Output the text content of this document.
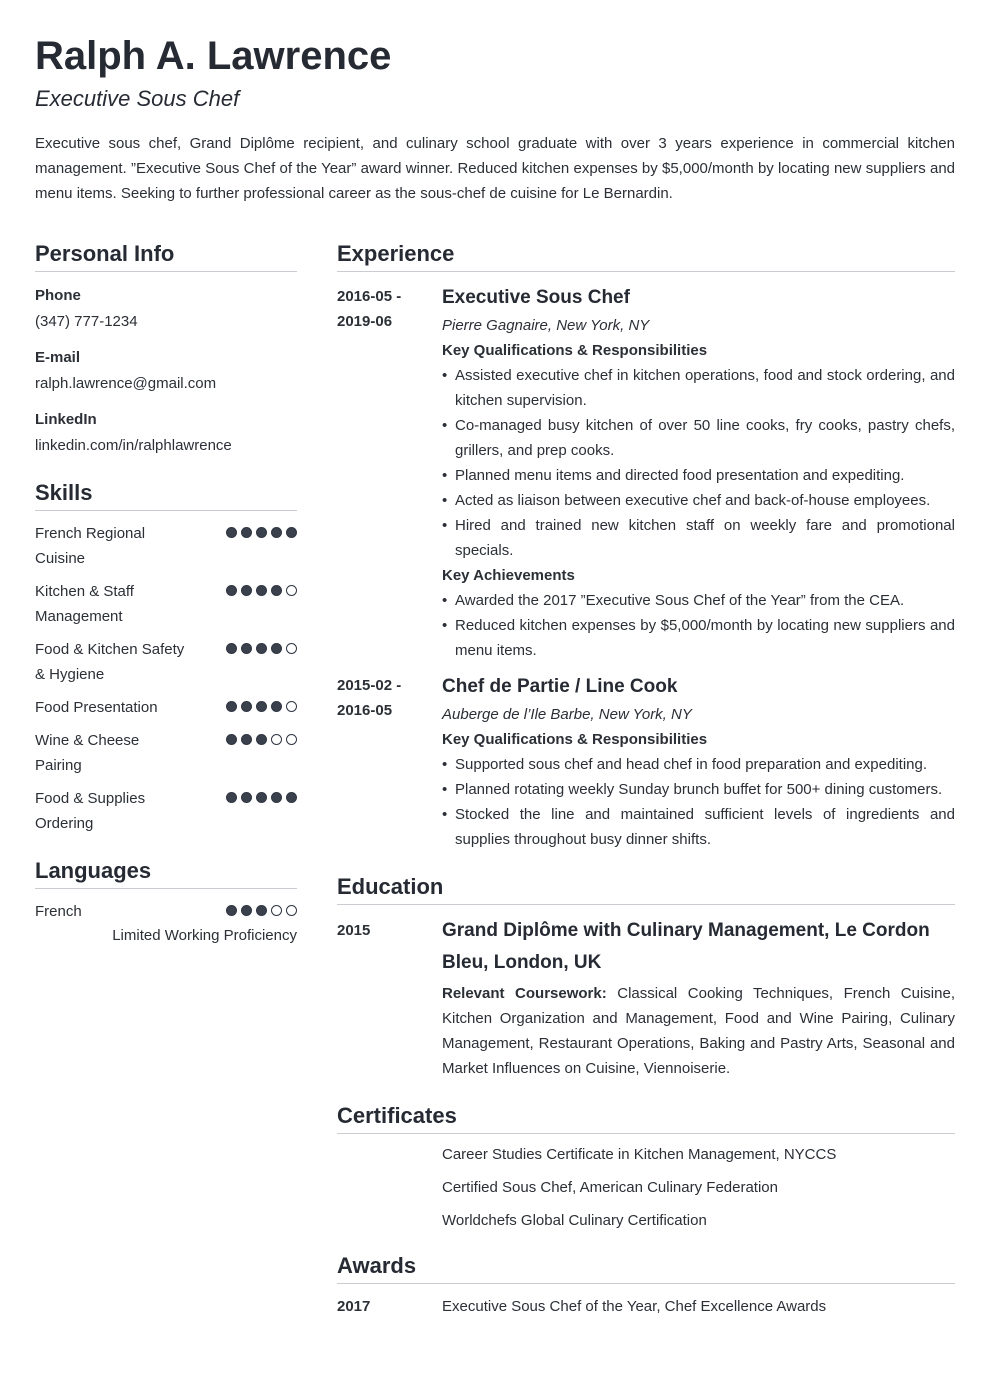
Ralph A. Lawrence
Executive Sous Chef
Executive sous chef, Grand Diplôme recipient, and culinary school graduate with over 3 years experience in commercial kitchen management. ”Executive Sous Chef of the Year” award winner. Reduced kitchen expenses by $5,000/month by locating new suppliers and menu items. Seeking to further professional career as the sous-chef de cuisine for Le Bernardin.
Personal Info
Phone
(347) 777-1234
E-mail
ralph.lawrence@gmail.com
LinkedIn
linkedin.com/in/ralphlawrence
Skills
French Regional Cuisine
Kitchen & Staff Management
Food & Kitchen Safety & Hygiene
Food Presentation
Wine & Cheese Pairing
Food & Supplies Ordering
Languages
French
Limited Working Proficiency
Experience
2016-05 -
2019-06
Executive Sous Chef
Pierre Gagnaire, New York, NY
Key Qualifications & Responsibilities
• Assisted executive chef in kitchen operations, food and stock ordering, and kitchen supervision.
• Co-managed busy kitchen of over 50 line cooks, fry cooks, pastry chefs, grillers, and prep cooks.
• Planned menu items and directed food presentation and expediting.
• Acted as liaison between executive chef and back-of-house employees.
• Hired and trained new kitchen staff on weekly fare and promotional specials.
Key Achievements
• Awarded the 2017 ”Executive Sous Chef of the Year” from the CEA.
• Reduced kitchen expenses by $5,000/month by locating new suppliers and menu items.
2015-02 -
2016-05
Chef de Partie / Line Cook
Auberge de l’Ile Barbe, New York, NY
Key Qualifications & Responsibilities
• Supported sous chef and head chef in food preparation and expediting.
• Planned rotating weekly Sunday brunch buffet for 500+ dining customers.
• Stocked the line and maintained sufficient levels of ingredients and supplies throughout busy dinner shifts.
Education
2015	Grand Diplôme with Culinary Management, Le Cordon Bleu, London, UK
Relevant Coursework: Classical Cooking Techniques, French Cuisine, Kitchen Organization and Management, Food and Wine Pairing, Culinary Management, Restaurant Operations, Baking and Pastry Arts, Seasonal and Market Influences on Cuisine, Viennoiserie.
Certificates
Career Studies Certificate in Kitchen Management, NYCCS
Certified Sous Chef, American Culinary Federation
Worldchefs Global Culinary Certification
Awards
2017	Executive Sous Chef of the Year, Chef Excellence Awards
